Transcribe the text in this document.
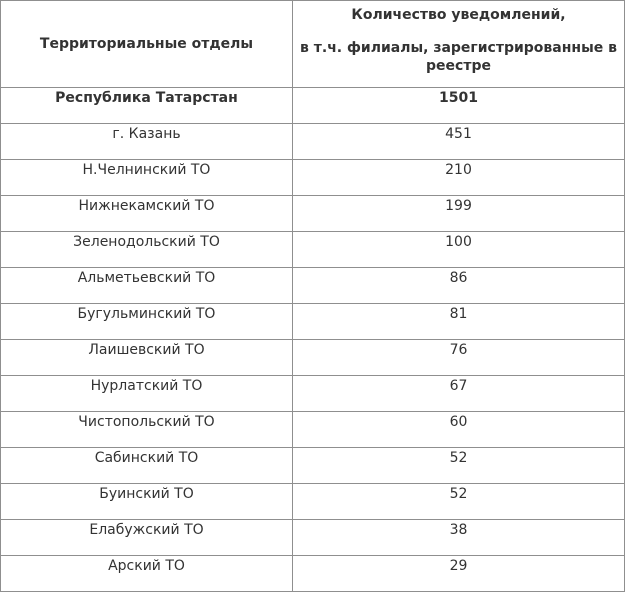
Территориальные отделы	Количество уведомлений,
в т.ч. филиалы, зарегистрированные в реестре

Республика Татарстан	1501
г. Казань	451
Н.Челнинский ТО	210
Нижнекамский ТО	199
Зеленодольский ТО	100
Альметьевский ТО	86
Бугульминский ТО	81
Лаишевский ТО	76
Нурлатский ТО	67
Чистопольский ТО	60
Сабинский ТО	52
Буинский ТО	52
Елабужский ТО	38
Арский ТО	29
